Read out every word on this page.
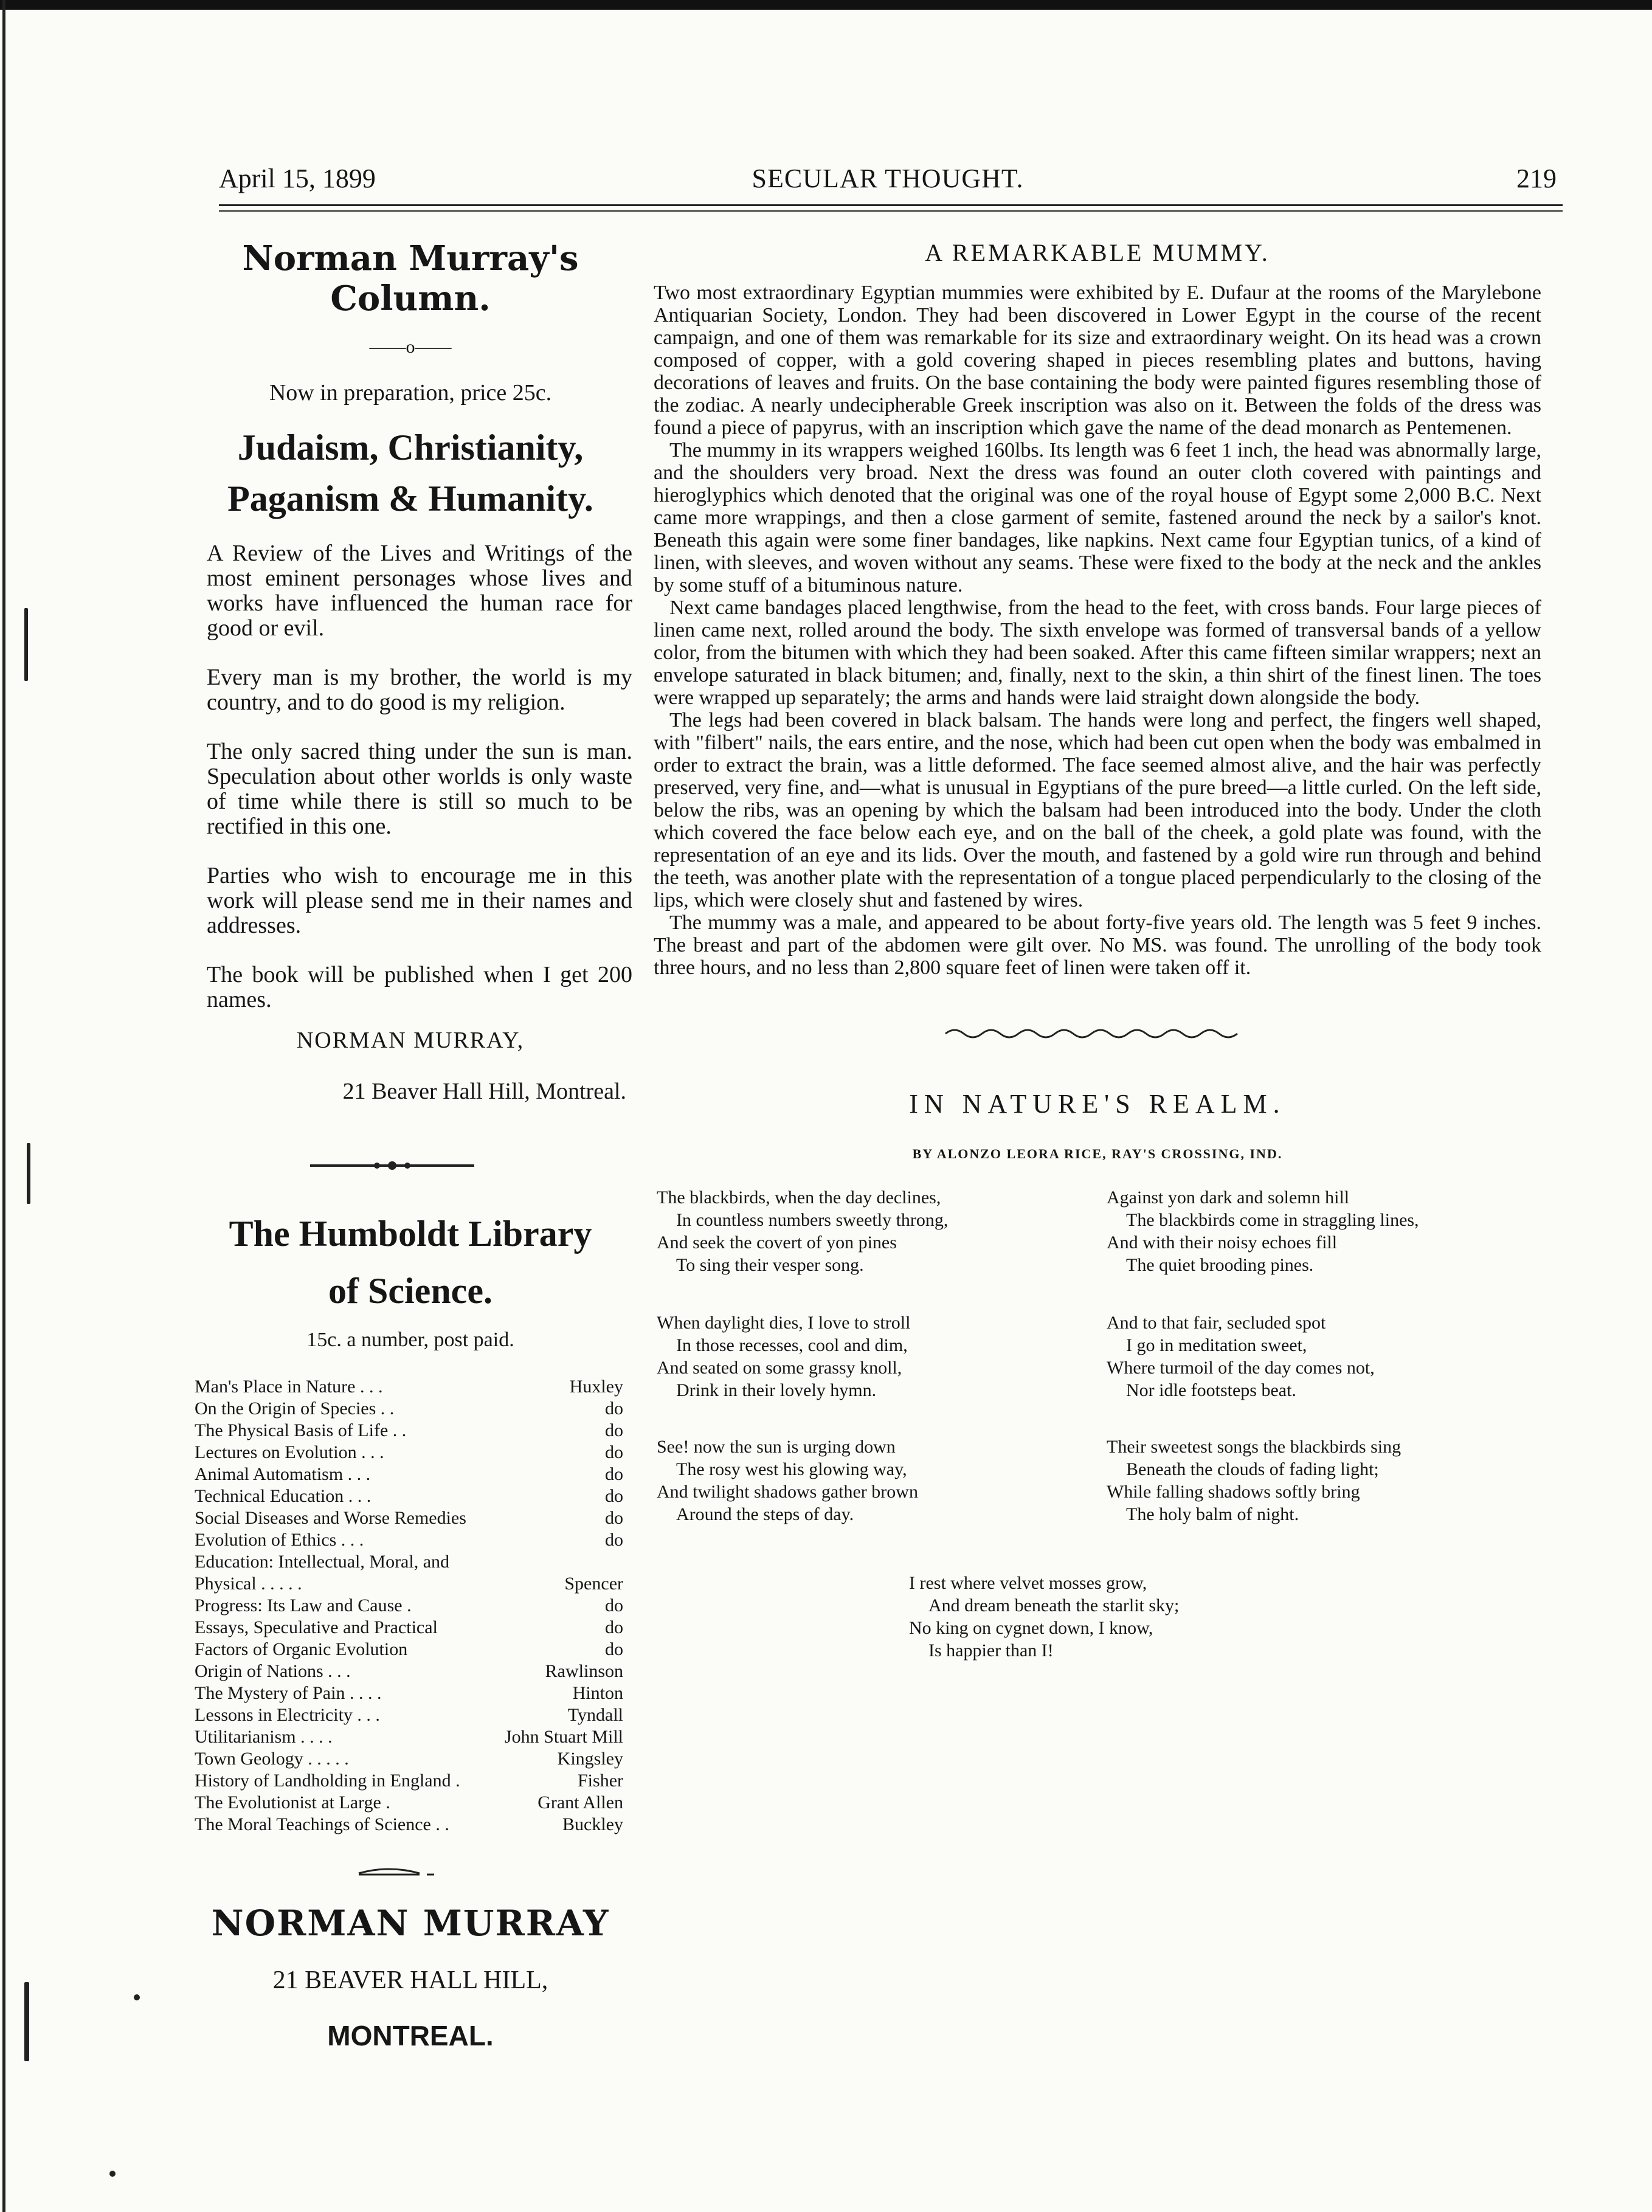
April 15, 1899	SECULAR THOUGHT.	219
Norman Murray's Column.
——o——
Now in preparation, price 25c.
Judaism, Christianity,
Paganism & Humanity.

A Review of the Lives and Writings of the most eminent personages whose lives and works have influenced the human race for good or evil.

Every man is my brother, the world is my country, and to do good is my religion.

The only sacred thing under the sun is man. Speculation about other worlds is only waste of time while there is still so much to be rectified in this one.

Parties who wish to encourage me in this work will please send me in their names and addresses.

The book will be published when I get 200 names.

NORMAN MURRAY,
21 Beaver Hall Hill, Montreal.
The Humboldt Library
of Science.
15c. a number, post paid.
Man's Place in Nature . . .	Huxley
On the Origin of Species . .	do
The Physical Basis of Life . .	do
Lectures on Evolution . . .	do
Animal Automatism . . .	do
Technical Education . . .	do
Social Diseases and Worse Remedies	do
Evolution of Ethics . . .	do
Education: Intellectual, Moral, and
Physical . . . . .	Spencer
Progress: Its Law and Cause .	do
Essays, Speculative and Practical	do
Factors of Organic Evolution	do
Origin of Nations . . .	Rawlinson
The Mystery of Pain . . . .	Hinton
Lessons in Electricity . . .	Tyndall
Utilitarianism . . . .	John Stuart Mill
Town Geology . . . . .	Kingsley
History of Landholding in England .	Fisher
The Evolutionist at Large .	Grant Allen
The Moral Teachings of Science . .	Buckley
NORMAN MURRAY
21 BEAVER HALL HILL,
MONTREAL.
A REMARKABLE MUMMY.

Two most extraordinary Egyptian mummies were exhibited by E. Dufaur at the rooms of the Marylebone Antiquarian Society, London. They had been discovered in Lower Egypt in the course of the recent campaign, and one of them was remarkable for its size and extraordinary weight. On its head was a crown composed of copper, with a gold covering shaped in pieces resembling plates and buttons, having decorations of leaves and fruits. On the base containing the body were painted figures resembling those of the zodiac. A nearly undecipherable Greek inscription was also on it. Between the folds of the dress was found a piece of papyrus, with an inscription which gave the name of the dead monarch as Pentemenen.

The mummy in its wrappers weighed 160lbs. Its length was 6 feet 1 inch, the head was abnormally large, and the shoulders very broad. Next the dress was found an outer cloth covered with paintings and hieroglyphics which denoted that the original was one of the royal house of Egypt some 2,000 B.C. Next came more wrappings, and then a close garment of semite, fastened around the neck by a sailor's knot. Beneath this again were some finer bandages, like napkins. Next came four Egyptian tunics, of a kind of linen, with sleeves, and woven without any seams. These were fixed to the body at the neck and the ankles by some stuff of a bituminous nature.

Next came bandages placed lengthwise, from the head to the feet, with cross bands. Four large pieces of linen came next, rolled around the body. The sixth envelope was formed of transversal bands of a yellow color, from the bitumen with which they had been soaked. After this came fifteen similar wrappers; next an envelope saturated in black bitumen; and, finally, next to the skin, a thin shirt of the finest linen. The toes were wrapped up separately; the arms and hands were laid straight down alongside the body.

The legs had been covered in black balsam. The hands were long and perfect, the fingers well shaped, with "filbert" nails, the ears entire, and the nose, which had been cut open when the body was embalmed in order to extract the brain, was a little deformed. The face seemed almost alive, and the hair was perfectly preserved, very fine, and—what is unusual in Egyptians of the pure breed—a little curled. On the left side, below the ribs, was an opening by which the balsam had been introduced into the body. Under the cloth which covered the face below each eye, and on the ball of the cheek, a gold plate was found, with the representation of an eye and its lids. Over the mouth, and fastened by a gold wire run through and behind the teeth, was another plate with the representation of a tongue placed perpendicularly to the closing of the lips, which were closely shut and fastened by wires.

The mummy was a male, and appeared to be about forty-five years old. The length was 5 feet 9 inches. The breast and part of the abdomen were gilt over. No MS. was found. The unrolling of the body took three hours, and no less than 2,800 square feet of linen were taken off it.

IN NATURE'S REALM.
BY ALONZO LEORA RICE, RAY'S CROSSING, IND.
The blackbirds, when the day declines,
In countless numbers sweetly throng,
And seek the covert of yon pines
To sing their vesper song.
Against yon dark and solemn hill
The blackbirds come in straggling lines,
And with their noisy echoes fill
The quiet brooding pines.
When daylight dies, I love to stroll
In those recesses, cool and dim,
And seated on some grassy knoll,
Drink in their lovely hymn.
And to that fair, secluded spot
I go in meditation sweet,
Where turmoil of the day comes not,
Nor idle footsteps beat.
See! now the sun is urging down
The rosy west his glowing way,
And twilight shadows gather brown
Around the steps of day.
Their sweetest songs the blackbirds sing
Beneath the clouds of fading light;
While falling shadows softly bring
The holy balm of night.
I rest where velvet mosses grow,
And dream beneath the starlit sky;
No king on cygnet down, I know,
Is happier than I!
